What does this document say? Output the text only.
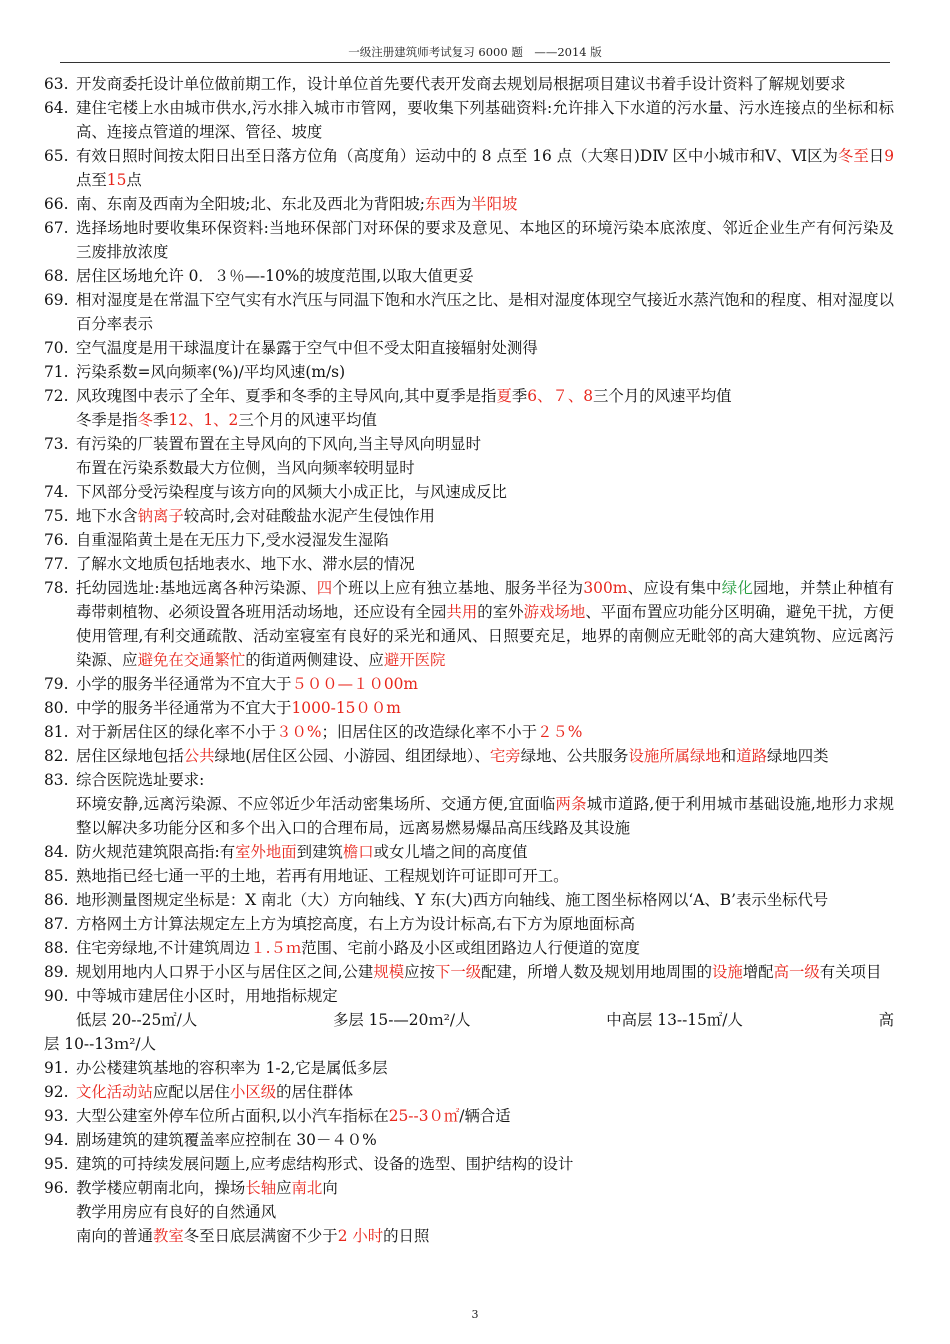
一级注册建筑师考试复习 6000 题　——2014 版
63. 开发商委托设计单位做前期工作，设计单位首先要代表开发商去规划局根据项目建议书着手设计资料了解规划要求
64. 建住宅楼上水由城市供水,污水排入城市市管网，要收集下列基础资料:允许排入下水道的污水量、污水连接点的坐标和标高、连接点管道的埋深、管径、坡度
65. 有效日照时间按太阳日出至日落方位角（高度角）运动中的 8 点至 16 点（大寒日)ⅮⅣ 区中小城市和Ⅴ、Ⅵ区为冬至日9点至15点
66. 南、东南及西南为全阳坡;北、东北及西北为背阳坡;东西为半阳坡
67. 选择场地时要收集环保资料:当地环保部门对环保的要求及意见、本地区的环境污染本底浓度、邻近企业生产有何污染及三废排放浓度
68. 居住区场地允许 0．３％—-10%的坡度范围,以取大值更妥
69. 相对湿度是在常温下空气实有水汽压与同温下饱和水汽压之比、是相对湿度体现空气接近水蒸汽饱和的程度、相对湿度以百分率表示
70. 空气温度是用干球温度计在暴露于空气中但不受太阳直接辐射处测得
71. 污染系数=风向频率(%)/平均风速(m/s)
72. 风玫瑰图中表示了全年、夏季和冬季的主导风向,其中夏季是指夏季6、７、8三个月的风速平均值
冬季是指冬季12、1、2三个月的风速平均值
73. 有污染的厂装置布置在主导风向的下风向,当主导风向明显时
布置在污染系数最大方位侧，当风向频率较明显时
74. 下风部分受污染程度与该方向的风频大小成正比，与风速成反比
75. 地下水含钠离子较高时,会对硅酸盐水泥产生侵蚀作用
76. 自重湿陷黄土是在无压力下,受水浸湿发生湿陷
77. 了解水文地质包括地表水、地下水、滞水层的情况
78. 托幼园选址:基地远离各种污染源、四个班以上应有独立基地、服务半径为300m、应设有集中绿化园地，并禁止种植有毒带刺植物、必须设置各班用活动场地，还应设有全园共用的室外游戏场地、平面布置应功能分区明确，避免干扰，方便使用管理,有利交通疏散、活动室寝室有良好的采光和通风、日照要充足，地界的南侧应无毗邻的高大建筑物、应远离污染源、应避免在交通繁忙的街道两侧建设、应避开医院
79. 小学的服务半径通常为不宜大于５００—１０00m
80. 中学的服务半径通常为不宜大于1000-15００m
81. 对于新居住区的绿化率不小于３０%；旧居住区的改造绿化率不小于２５%
82. 居住区绿地包括公共绿地(居住区公园、小游园、组团绿地）、宅旁绿地、公共服务设施所属绿地和道路绿地四类
83. 综合医院选址要求:
环境安静,远离污染源、不应邻近少年活动密集场所、交通方便,宜面临两条城市道路,便于利用城市基础设施,地形力求规整以解决多功能分区和多个出入口的合理布局，远离易燃易爆品高压线路及其设施
84. 防火规范建筑限高指:有室外地面到建筑檐口或女儿墙之间的高度值
85. 熟地指已经七通一平的土地，若再有用地证、工程规划许可证即可开工。
86. 地形测量图规定坐标是：X 南北（大）方向轴线、Y 东(大)西方向轴线、施工图坐标格网以‘A、B’表示坐标代号
87. 方格网土方计算法规定左上方为填挖高度，右上方为设计标高,右下方为原地面标高
88. 住宅旁绿地,不计建筑周边１.５ｍ范围、宅前小路及小区或组团路边人行便道的宽度
89. 规划用地内人口界于小区与居住区之间,公建规模应按下一级配建，所增人数及规划用地周围的设施增配高一级有关项目
90. 中等城市建居住小区时，用地指标规定
低层 20--25㎡/人	多层 15-—20ｍ²/人	中高层 13--15㎡/人	高
层 10--13ｍ²/人
91. 办公楼建筑基地的容积率为 1-2,它是属低多层
92. 文化活动站应配以居住小区级的居住群体
93. 大型公建室外停车位所占面积,以小汽车指标在25--3０㎡/辆合适
94. 剧场建筑的建筑覆盖率应控制在 30－４０%
95. 建筑的可持续发展问题上,应考虑结构形式、设备的选型、围护结构的设计
96. 教学楼应朝南北向，操场长轴应南北向
教学用房应有良好的自然通风
南向的普通教室冬至日底层满窗不少于2 小时的日照
3
